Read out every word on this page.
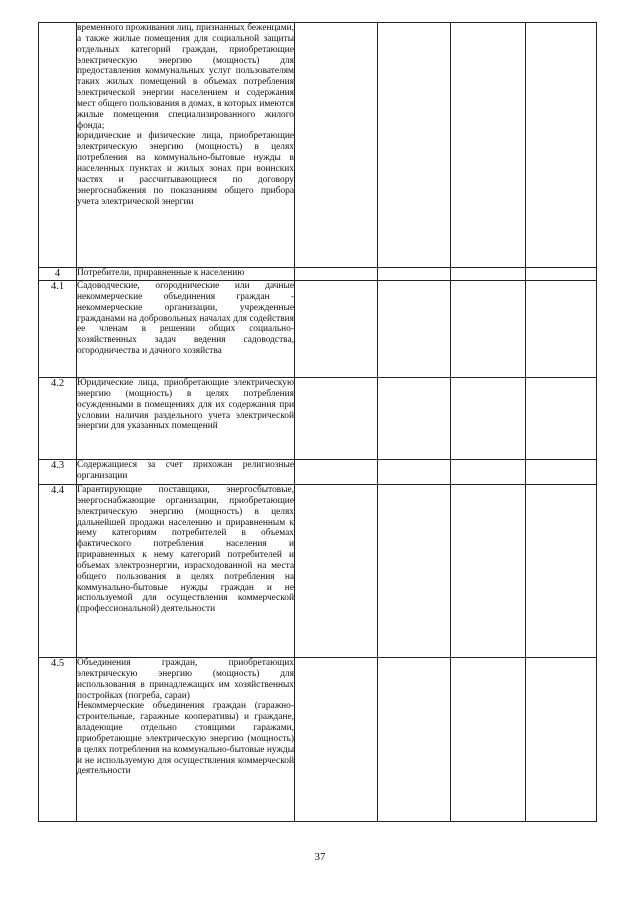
	временного проживания лиц, признанных беженцами, а также жилые помещения для социальной защиты отдельных категорий граждан, приобретающие электрическую энергию (мощность) для предоставления коммунальных услуг пользователям таких жилых помещений в объемах потребления электрической энергии населением и содержания мест общего пользования в домах, в которых имеются жилые помещения специализированного жилого фонда;

юридические и физические лица, приобретающие электрическую энергию (мощность) в целях потребления на коммунально-бытовые нужды в населенных пунктах и жилых зонах при воинских частях и рассчитывающиеся по договору энергоснабжения по показаниям общего прибора учета электрической энергии				

4	Потребители, приравненные к населению				

4.1	Садоводческие, огороднические или дачные некоммерческие объединения граждан - некоммерческие организации, учрежденные гражданами на добровольных началах для содействия ее членам в решении общих социально-хозяйственных задач ведения садоводства, огородничества и дачного хозяйства				

4.2	Юридические лица, приобретающие электрическую энергию (мощность) в целях потребления осужденными в помещениях для их содержания при условии наличия раздельного учета электрической энергии для указанных помещений				

4.3	Содержащиеся за счет прихожан религиозные организации				

4.4	Гарантирующие поставщики, энергосбытовые, энергоснабжающие организации, приобретающие электрическую энергию (мощность) в целях дальнейшей продажи населению и приравненным к нему категориям потребителей в объемах фактического потребления населения и приравненных к нему категорий потребителей и объемах электроэнергии, израсходованной на места общего пользования в целях потребления на коммунально-бытовые нужды граждан и не используемой для осуществления коммерческой (профессиональной) деятельности				

4.5	Объединения граждан, приобретающих электрическую энергию (мощность) для использования в принадлежащих им хозяйственных постройках (погреба, сараи)

Некоммерческие объединения граждан (гаражно-строительные, гаражные кооперативы) и граждане, владеющие отдельно стоящими гаражами, приобретающие электрическую энергию (мощность) в целях потребления на коммунально-бытовые нужды и не используемую для осуществления коммерческой деятельности				

37
